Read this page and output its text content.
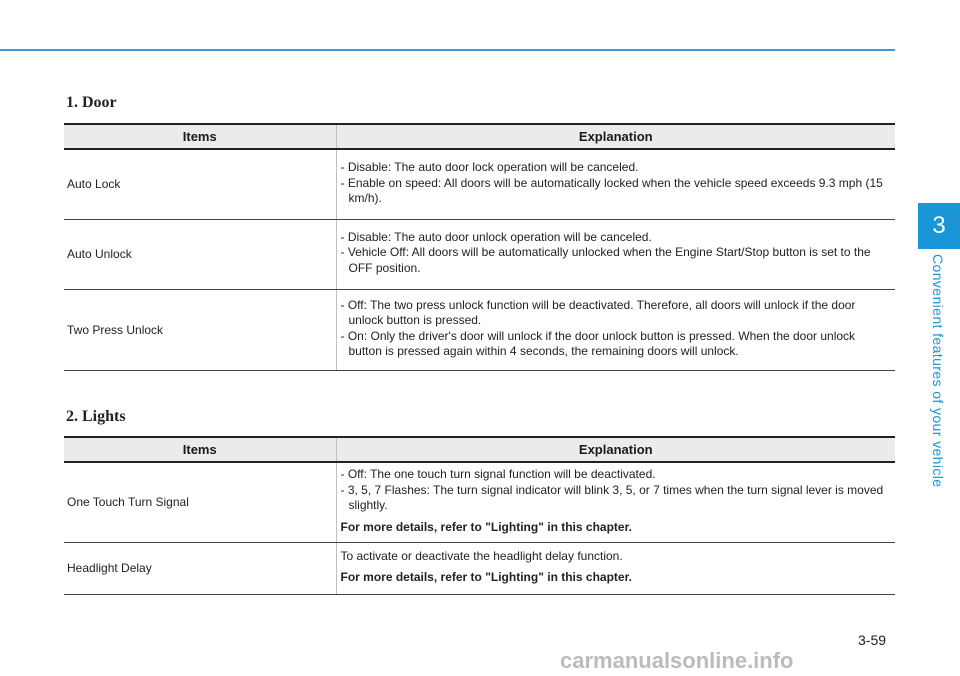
3
Convenient features of your vehicle
1. Door
Items	Explanation
Auto Lock	- Disable: The auto door lock operation will be canceled.
- Enable on speed: All doors will be automatically locked when the vehicle speed exceeds 9.3 mph (15 km/h).

Auto Unlock	- Disable: The auto door unlock operation will be canceled.
- Vehicle Off: All doors will be automatically unlocked when the Engine Start/Stop button is set to the OFF position.

Two Press Unlock	- Off: The two press unlock function will be deactivated. Therefore, all doors will unlock if the door unlock button is pressed.
- On: Only the driver's door will unlock if the door unlock button is pressed. When the door unlock button is pressed again within 4 seconds, the remaining doors will unlock.
2. Lights
Items	Explanation
One Touch Turn Signal	- Off: The one touch turn signal function will be deactivated.
- 3, 5, 7 Flashes: The turn signal indicator will blink 3, 5, or 7 times when the turn signal lever is moved slightly.
For more details, refer to "Lighting" in this chapter.

Headlight Delay	To activate or deactivate the headlight delay function.
For more details, refer to "Lighting" in this chapter.
3-59
carmanualsonline.info
